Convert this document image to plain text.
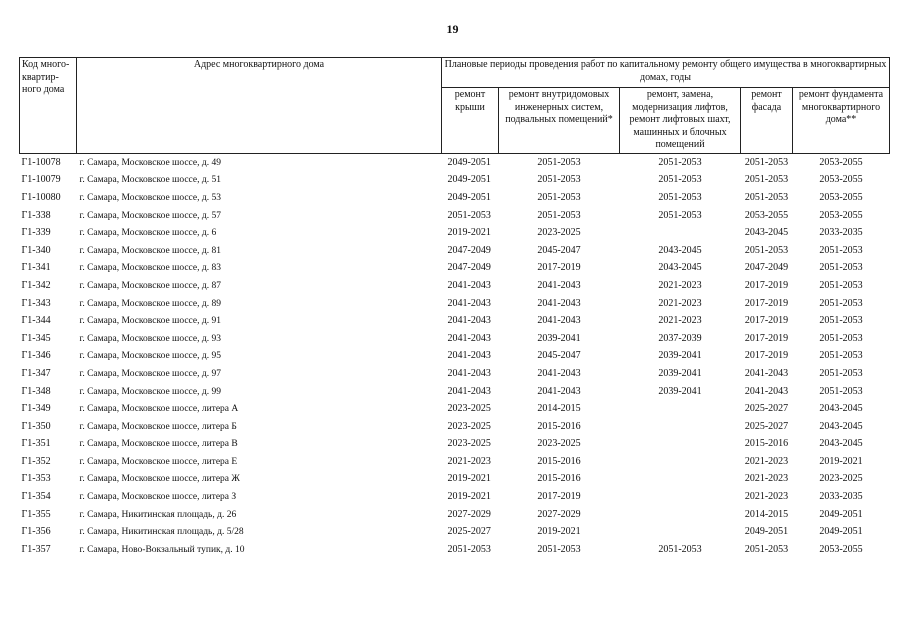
19
Код много-квартир-ного дома	Адрес многоквартирного дома	Плановые периоды проведения работ по капитальному ремонту общего имущества в многоквартирных домах, годы				
		ремонт крыши	ремонт внутридомовых инженерных систем, подвальных помещений*	ремонт, замена, модернизация лифтов, ремонт лифтовых шахт, машинных и блочных помещений	ремонт фасада	ремонт фундамента многоквартирного дома**
Г1-10078	г. Самара, Московское шоссе, д. 49	2049-2051	2051-2053	2051-2053	2051-2053	2053-2055
Г1-10079	г. Самара, Московское шоссе, д. 51	2049-2051	2051-2053	2051-2053	2051-2053	2053-2055
Г1-10080	г. Самара, Московское шоссе, д. 53	2049-2051	2051-2053	2051-2053	2051-2053	2053-2055
Г1-338	г. Самара, Московское шоссе, д. 57	2051-2053	2051-2053	2051-2053	2053-2055	2053-2055
Г1-339	г. Самара, Московское шоссе, д. 6	2019-2021	2023-2025		2043-2045	2033-2035
Г1-340	г. Самара, Московское шоссе, д. 81	2047-2049	2045-2047	2043-2045	2051-2053	2051-2053
Г1-341	г. Самара, Московское шоссе, д. 83	2047-2049	2017-2019	2043-2045	2047-2049	2051-2053
Г1-342	г. Самара, Московское шоссе, д. 87	2041-2043	2041-2043	2021-2023	2017-2019	2051-2053
Г1-343	г. Самара, Московское шоссе, д. 89	2041-2043	2041-2043	2021-2023	2017-2019	2051-2053
Г1-344	г. Самара, Московское шоссе, д. 91	2041-2043	2041-2043	2021-2023	2017-2019	2051-2053
Г1-345	г. Самара, Московское шоссе, д. 93	2041-2043	2039-2041	2037-2039	2017-2019	2051-2053
Г1-346	г. Самара, Московское шоссе, д. 95	2041-2043	2045-2047	2039-2041	2017-2019	2051-2053
Г1-347	г. Самара, Московское шоссе, д. 97	2041-2043	2041-2043	2039-2041	2041-2043	2051-2053
Г1-348	г. Самара, Московское шоссе, д. 99	2041-2043	2041-2043	2039-2041	2041-2043	2051-2053
Г1-349	г. Самара, Московское шоссе, литера А	2023-2025	2014-2015		2025-2027	2043-2045
Г1-350	г. Самара, Московское шоссе, литера Б	2023-2025	2015-2016		2025-2027	2043-2045
Г1-351	г. Самара, Московское шоссе, литера В	2023-2025	2023-2025		2015-2016	2043-2045
Г1-352	г. Самара, Московское шоссе, литера Е	2021-2023	2015-2016		2021-2023	2019-2021
Г1-353	г. Самара, Московское шоссе, литера Ж	2019-2021	2015-2016		2021-2023	2023-2025
Г1-354	г. Самара, Московское шоссе, литера З	2019-2021	2017-2019		2021-2023	2033-2035
Г1-355	г. Самара, Никитинская площадь, д. 26	2027-2029	2027-2029		2014-2015	2049-2051
Г1-356	г. Самара, Никитинская площадь, д. 5/28	2025-2027	2019-2021		2049-2051	2049-2051
Г1-357	г. Самара, Ново-Вокзальный тупик, д. 10	2051-2053	2051-2053	2051-2053	2051-2053	2053-2055
